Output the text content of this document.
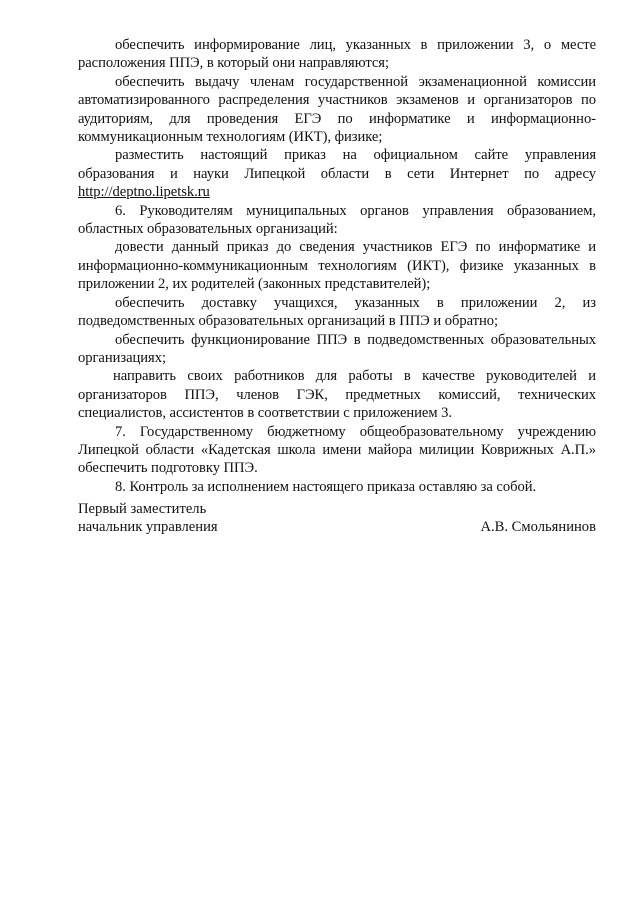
обеспечить информирование лиц, указанных в приложении 3, о месте расположения ППЭ, в который они направляются;

обеспечить выдачу членам государственной экзаменационной комиссии автоматизированного распределения участников экзаменов и организаторов по аудиториям, для проведения ЕГЭ по информатике и информационно-коммуникационным технологиям (ИКТ), физике;

разместить настоящий приказ на официальном сайте управления образования и науки Липецкой области в сети Интернет по адресу http://deptno.lipetsk.ru

6. Руководителям муниципальных органов управления образованием, областных образовательных организаций:

довести данный приказ до сведения участников ЕГЭ по информатике и информационно-коммуникационным технологиям (ИКТ), физике указанных в приложении 2, их родителей (законных представителей);

обеспечить доставку учащихся, указанных в приложении 2, из подведомственных образовательных организаций в ППЭ и обратно;

обеспечить функционирование ППЭ в подведомственных образовательных организациях;

направить своих работников для работы в качестве руководителей и организаторов ППЭ, членов ГЭК, предметных комиссий, технических специалистов, ассистентов в соответствии с приложением 3.

7. Государственному бюджетному общеобразовательному учреждению Липецкой области «Кадетская школа имени майора милиции Коврижных А.П.» обеспечить подготовку ППЭ.

8. Контроль за исполнением настоящего приказа оставляю за собой.

Первый заместитель
начальник управления	А.В. Смольянинов
